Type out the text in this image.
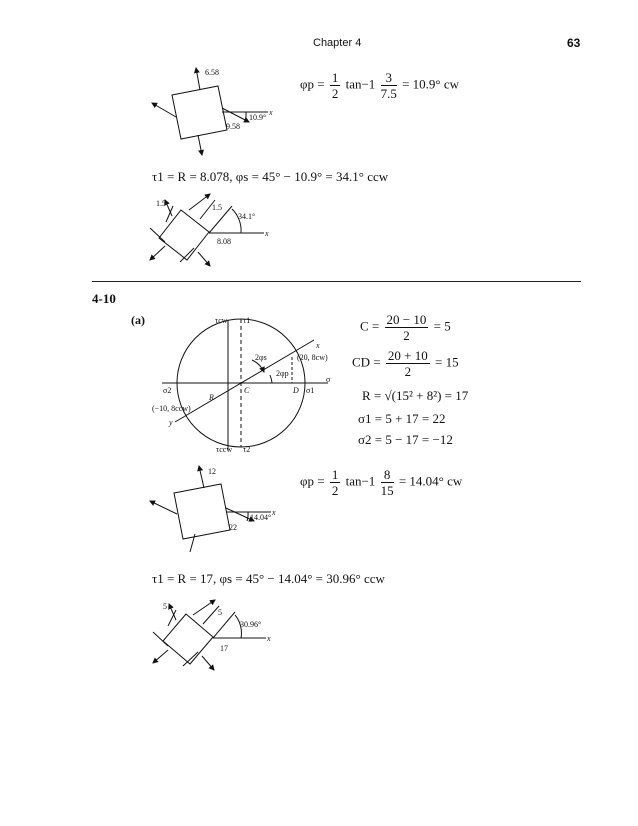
Chapter 4	63
$\varphi p = \frac{1}{2} \tan-1 \frac{3}{7.5} = 10.9^\circ$ cw
τ1 = R = 8.078, φs = 45° − 10.9° = 34.1° ccw
4-10
(a)	$C = \frac{20 - 10}{2} = 5$
CD = $\frac{20 + 10}{2} = 15$
R = √(15² + 8²) = 17
σ1 = 5 + 17 = 22
σ2 = 5 − 17 = −12
$\varphi p = \frac{1}{2} \tan-1 \frac{8}{15} = 14.04^\circ$ cw
τ1 = R = 17, φs = 45° − 14.04° = 30.96° ccw
6.58
9.58
10.9°
x
1.5	1.5
8.08
34.1°
x
τcw τ1
x
(20, 8cw)
2φs
2φp
σ
σ2	C	D σ1
R
(−10, 8ccw)
y
τccw τ2
12
22
14.04°
x
5
5
17
30.96°
x
